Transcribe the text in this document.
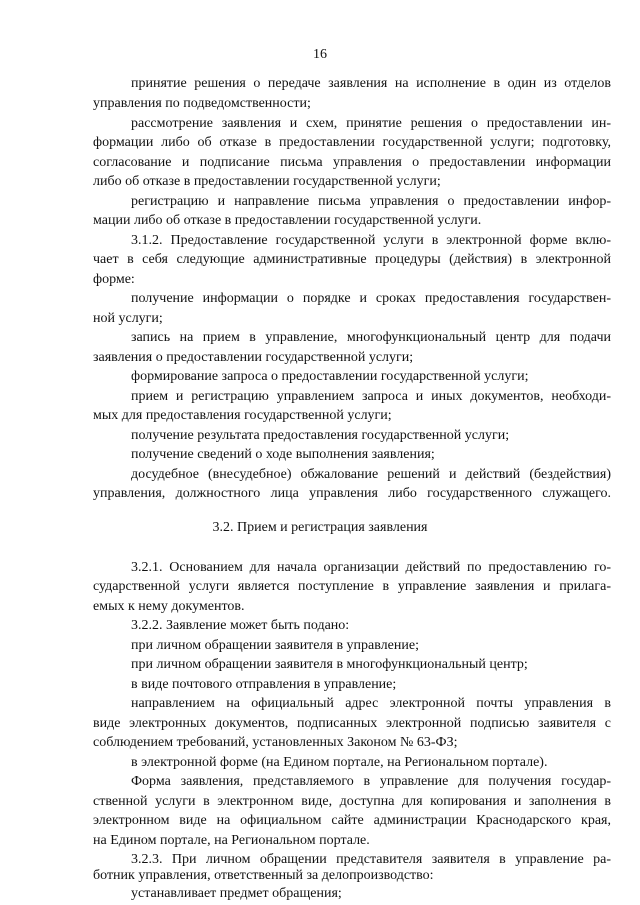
16
принятие решения о передаче заявления на исполнение в один из отделов
управления по подведомственности;
рассмотрение заявления и схем, принятие решения о предоставлении ин-
формации либо об отказе в предоставлении государственной услуги; подготовку,
согласование и подписание письма управления о предоставлении информации
либо об отказе в предоставлении государственной услуги;
регистрацию и направление письма управления о предоставлении инфор-
мации либо об отказе в предоставлении государственной услуги.
3.1.2. Предоставление государственной услуги в электронной форме вклю-
чает в себя следующие административные процедуры (действия) в электронной
форме:
получение информации о порядке и сроках предоставления государствен-
ной услуги;
запись на прием в управление, многофункциональный центр для подачи
заявления о предоставлении государственной услуги;
формирование запроса о предоставлении государственной услуги;
прием и регистрацию управлением запроса и иных документов, необходи-
мых для предоставления государственной услуги;
получение результата предоставления государственной услуги;
получение сведений о ходе выполнения заявления;
досудебное (внесудебное) обжалование решений и действий (бездействия)
управления, должностного лица управления либо государственного служащего.
3.2. Прием и регистрация заявления
3.2.1. Основанием для начала организации действий по предоставлению го-
сударственной услуги является поступление в управление заявления и прилага-
емых к нему документов.
3.2.2. Заявление может быть подано:
при личном обращении заявителя в управление;
при личном обращении заявителя в многофункциональный центр;
в виде почтового отправления в управление;
направлением на официальный адрес электронной почты управления в
виде электронных документов, подписанных электронной подписью заявителя с
соблюдением требований, установленных Законом № 63-ФЗ;
в электронной форме (на Едином портале, на Региональном портале).
Форма заявления, представляемого в управление для получения государ-
ственной услуги в электронном виде, доступна для копирования и заполнения в
электронном виде на официальном сайте администрации Краснодарского края,
на Едином портале, на Региональном портале.
3.2.3. При личном обращении представителя заявителя в управление ра-
ботник управления, ответственный за делопроизводство:
устанавливает предмет обращения;
